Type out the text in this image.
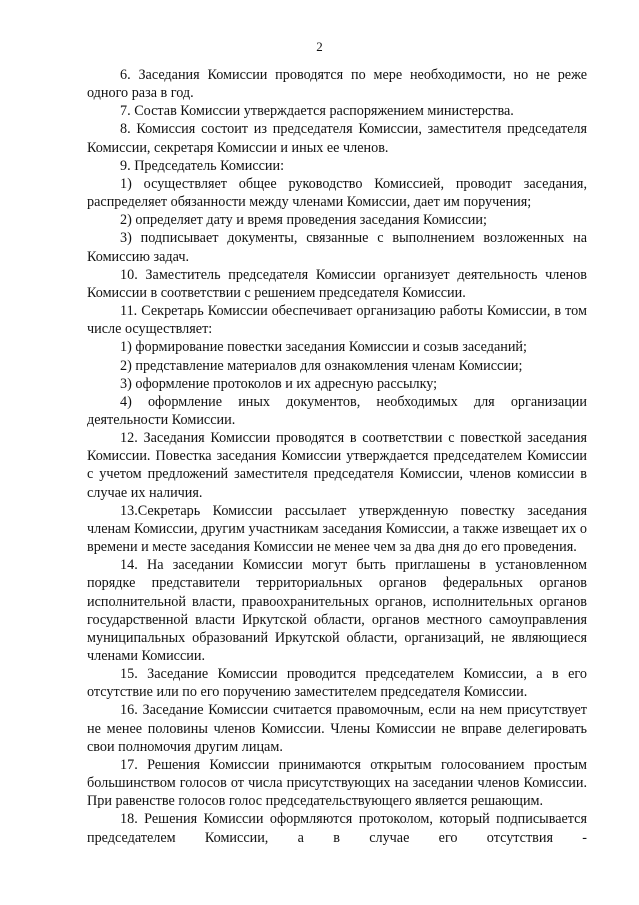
2

6. Заседания Комиссии проводятся по мере необходимости, но не реже одного раза в год.

7. Состав Комиссии утверждается распоряжением министерства.

8. Комиссия состоит из председателя Комиссии, заместителя председателя Комиссии, секретаря Комиссии и иных ее членов.

9. Председатель Комиссии:

1) осуществляет общее руководство Комиссией, проводит заседания, распределяет обязанности между членами Комиссии, дает им поручения;

2) определяет дату и время проведения заседания Комиссии;

3) подписывает документы, связанные с выполнением возложенных на Комиссию задач.

10. Заместитель председателя Комиссии организует деятельность членов Комиссии в соответствии с решением председателя Комиссии.

11. Секретарь Комиссии обеспечивает организацию работы Комиссии, в том числе осуществляет:

1) формирование повестки заседания Комиссии и созыв заседаний;

2) представление материалов для ознакомления членам Комиссии;

3) оформление протоколов и их адресную рассылку;

4) оформление иных документов, необходимых для организации деятельности Комиссии.

12. Заседания Комиссии проводятся в соответствии с повесткой заседания Комиссии. Повестка заседания Комиссии утверждается председателем Комиссии с учетом предложений заместителя председателя Комиссии, членов комиссии в случае их наличия.

13.Секретарь Комиссии рассылает утвержденную повестку заседания членам Комиссии, другим участникам заседания Комиссии, а также извещает их о времени и месте заседания Комиссии не менее чем за два дня до его проведения.

14. На заседании Комиссии могут быть приглашены в установленном порядке представители территориальных органов федеральных органов исполнительной власти, правоохранительных органов, исполнительных органов государственной власти Иркутской области, органов местного самоуправления муниципальных образований Иркутской области, организаций, не являющиеся членами Комиссии.

15. Заседание Комиссии проводится председателем Комиссии, а в его отсутствие или по его поручению заместителем председателя Комиссии.

16. Заседание Комиссии считается правомочным, если на нем присутствует не менее половины членов Комиссии. Члены Комиссии не вправе делегировать свои полномочия другим лицам.

17. Решения Комиссии принимаются открытым голосованием простым большинством голосов от числа присутствующих на заседании членов Комиссии. При равенстве голосов голос председательствующего является решающим.

18. Решения Комиссии оформляются протоколом, который подписывается председателем Комиссии, а в случае его отсутствия -
